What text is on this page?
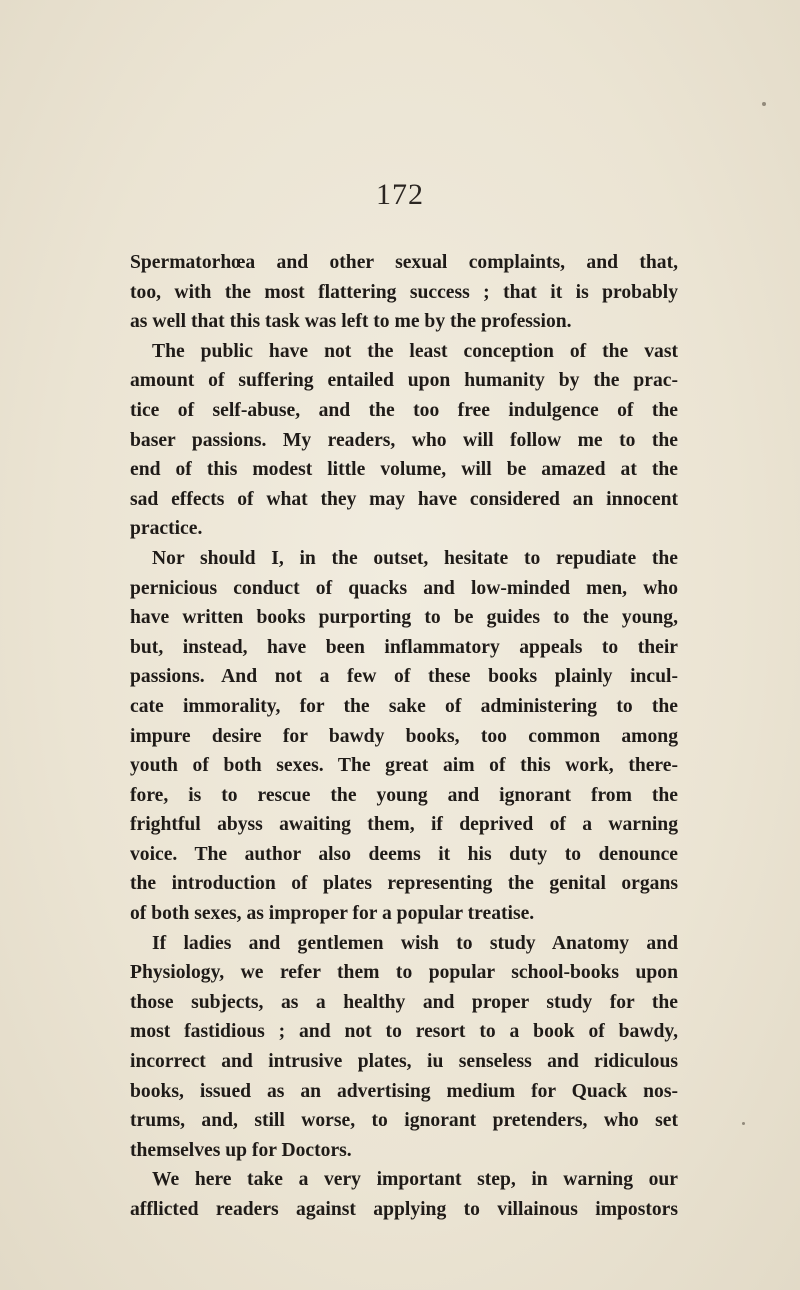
172
Spermatorhœa and other sexual complaints, and that,
too, with the most flattering success ; that it is probably
as well that this task was left to me by the profession.
The public have not the least conception of the vast
amount of suffering entailed upon humanity by the prac-
tice of self-abuse, and the too free indulgence of the
baser passions. My readers, who will follow me to the
end of this modest little volume, will be amazed at the
sad effects of what they may have considered an innocent
practice.
Nor should I, in the outset, hesitate to repudiate the
pernicious conduct of quacks and low-minded men, who
have written books purporting to be guides to the young,
but, instead, have been inflammatory appeals to their
passions. And not a few of these books plainly incul-
cate immorality, for the sake of administering to the
impure desire for bawdy books, too common among
youth of both sexes. The great aim of this work, there-
fore, is to rescue the young and ignorant from the
frightful abyss awaiting them, if deprived of a warning
voice. The author also deems it his duty to denounce
the introduction of plates representing the genital organs
of both sexes, as improper for a popular treatise.
If ladies and gentlemen wish to study Anatomy and
Physiology, we refer them to popular school-books upon
those subjects, as a healthy and proper study for the
most fastidious ; and not to resort to a book of bawdy,
incorrect and intrusive plates, iu senseless and ridiculous
books, issued as an advertising medium for Quack nos-
trums, and, still worse, to ignorant pretenders, who set
themselves up for Doctors.
We here take a very important step, in warning our
afflicted readers against applying to villainous impostors
